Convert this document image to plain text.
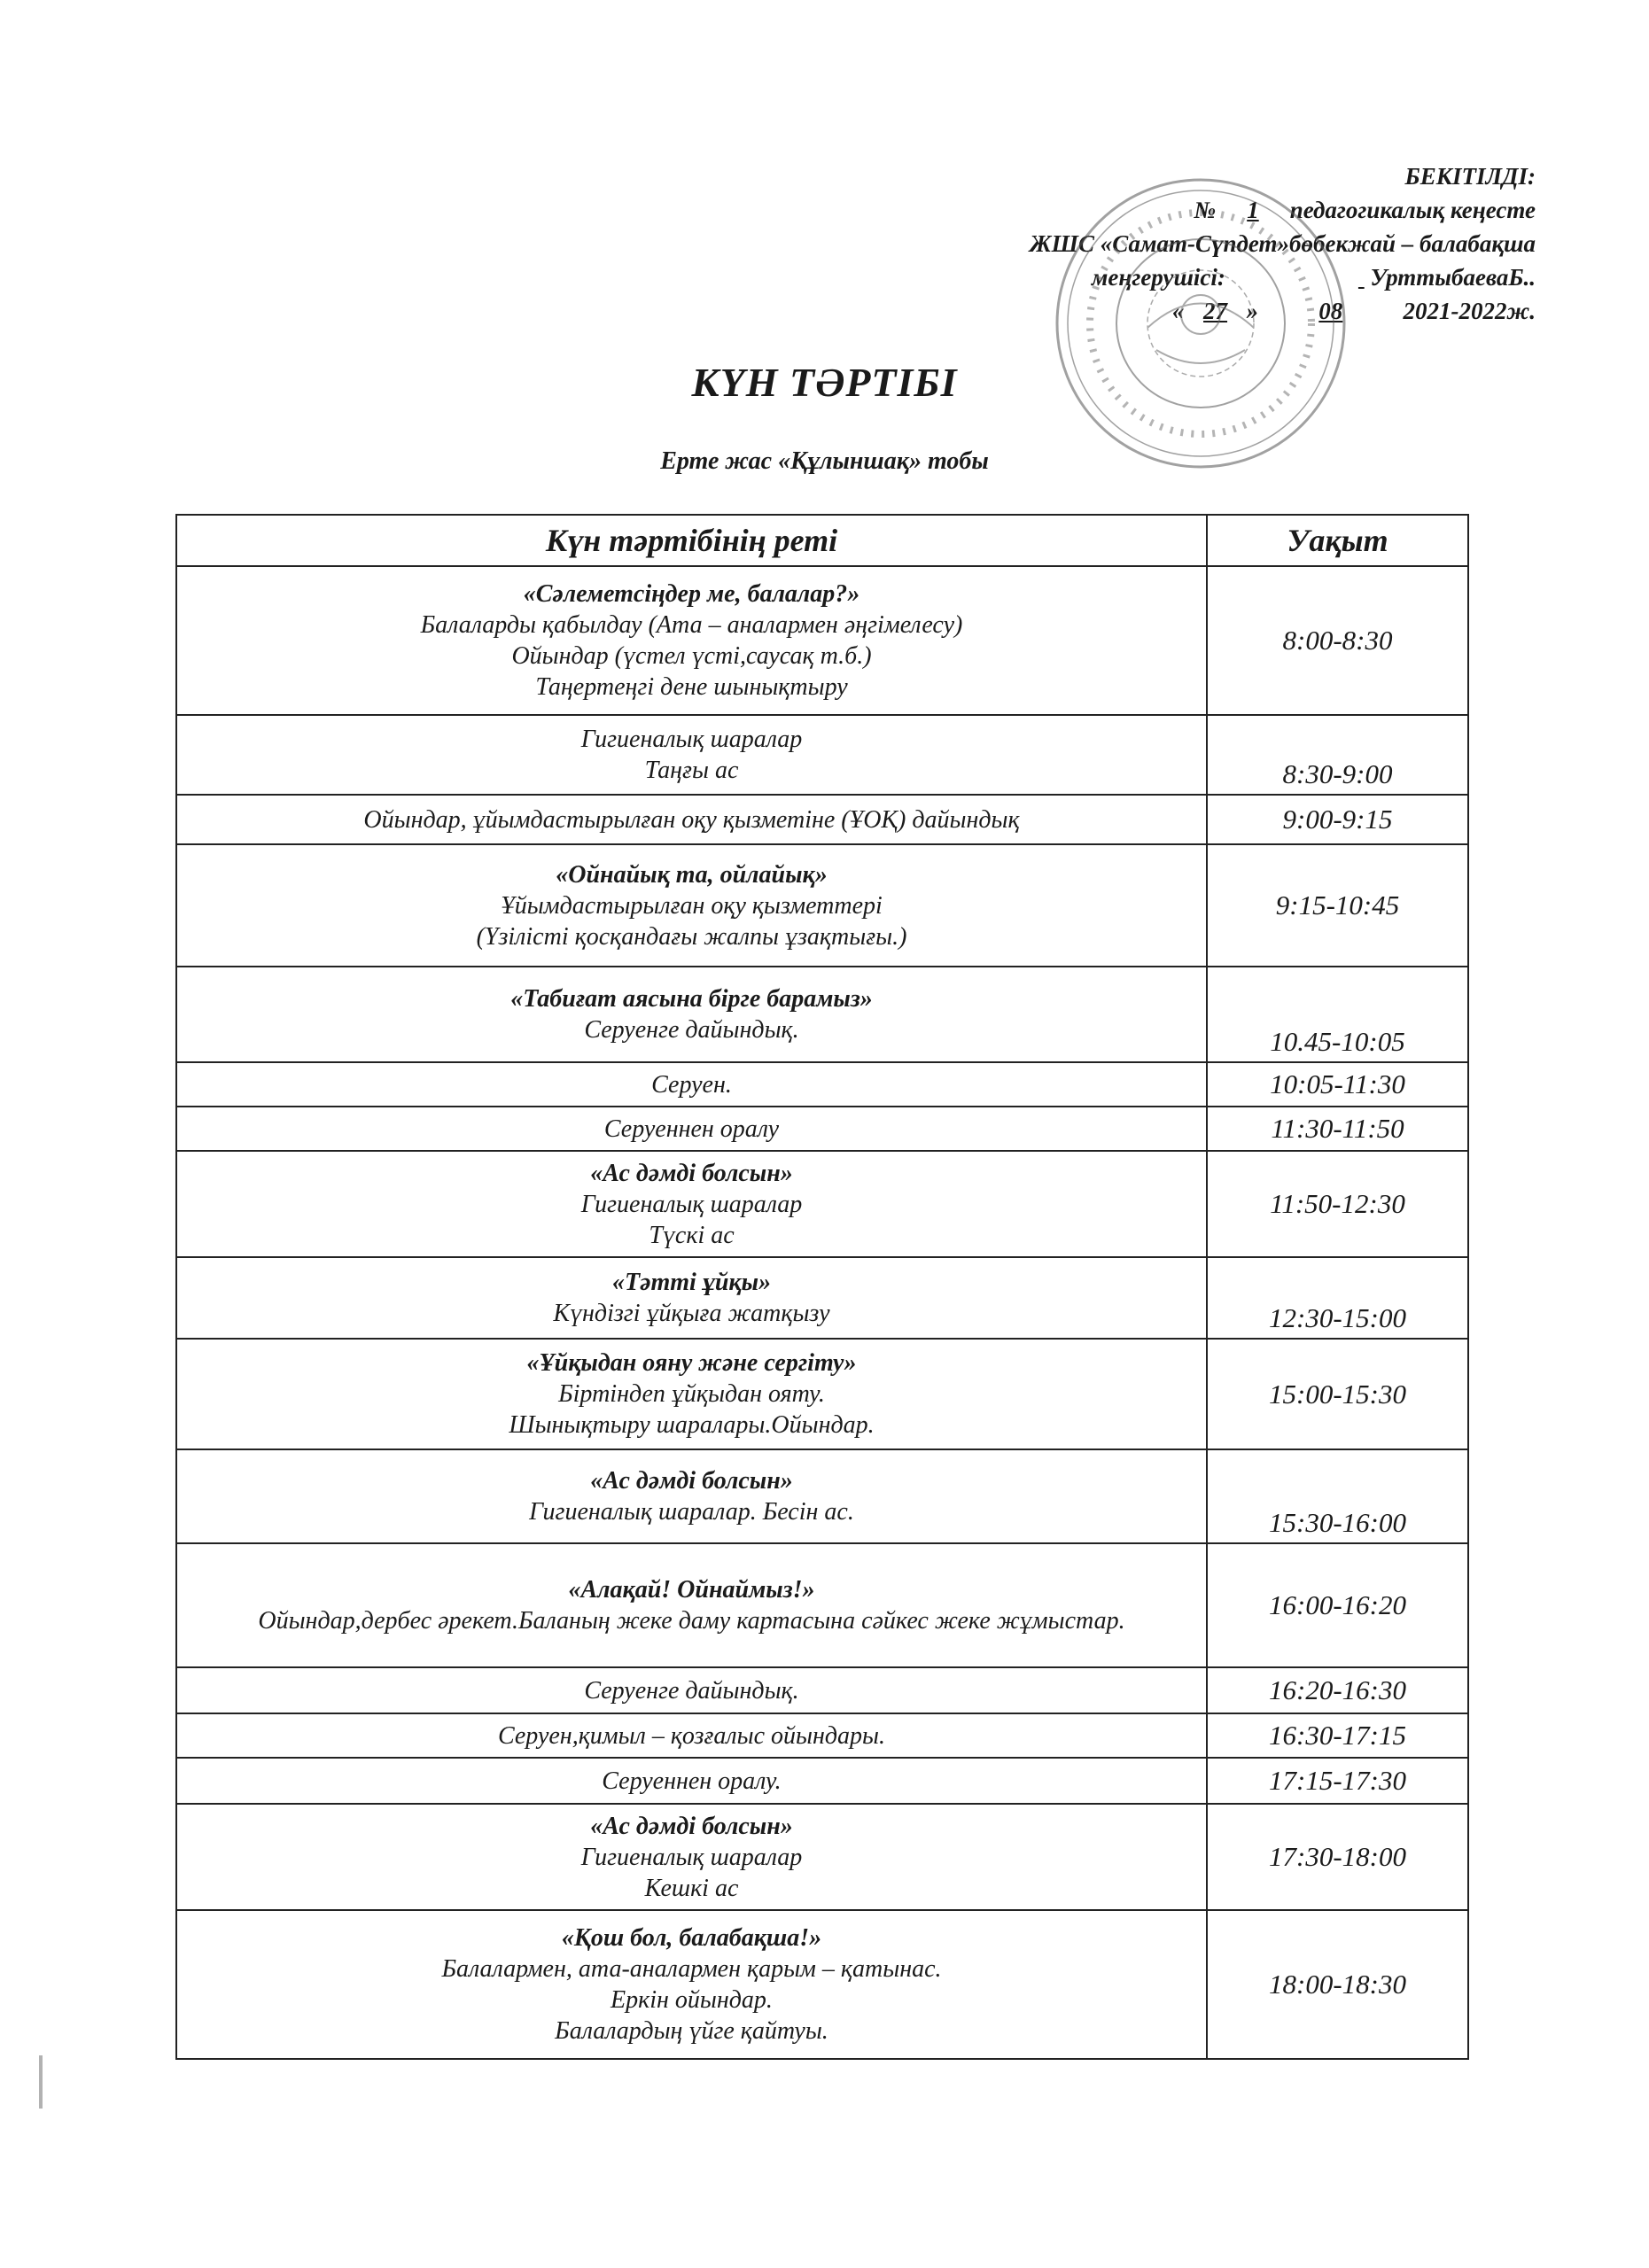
БЕКІТІЛДІ:
№ 1 педагогикалық кеңесте
ЖШС «Самат-Сүпдет»бөбекжай – балабақша
меңгерушісі:	УрттыбаеваБ..
« 27 »	08	2021-2022ж.
КҮН ТӘРТІБІ
Ерте жас «Құлыншақ» тобы
Күн тәртібінің реті	Уақыт

«Сәлеметсіңдер ме, балалар?»
Балаларды қабылдау (Ата – аналармен әңгімелесу)
Ойындар (үстел үсті,саусақ т.б.)
Таңертеңгі дене шынықтыру	8:00-8:30

Гигиеналық шаралар
Таңғы ас	8:30-9:00

Ойындар, ұйымдастырылған оқу қызметіне (ҰОҚ) дайындық	9:00-9:15

«Ойнайық та, ойлайық»
Ұйымдастырылған оқу қызметтері
(Үзілісті қосқандағы жалпы ұзақтығы.)	9:15-10:45

«Табиғат аясына бірге барамыз»
Серуенге дайындық.	10.45-10:05

Серуен.	10:05-11:30

Серуеннен оралу	11:30-11:50

«Ас дәмді болсын»
Гигиеналық шаралар
Түскі ас	11:50-12:30

«Тәтті ұйқы»
Күндізгі ұйқыға жатқызу	12:30-15:00

«Ұйқыдан ояну және сергіту»
Біртіндеп ұйқыдан ояту.
Шынықтыру шаралары.Ойындар.	15:00-15:30

«Ас дәмді болсын»
Гигиеналық шаралар. Бесін ас.	15:30-16:00

«Алақай! Ойнаймыз!»
Ойындар,дербес әрекет.Баланың жеке даму картасына сәйкес жеке жұмыстар.	16:00-16:20

Серуенге дайындық.	16:20-16:30

Серуен,қимыл – қозғалыс ойындары.	16:30-17:15

Серуеннен оралу.	17:15-17:30

«Ас дәмді болсын»
Гигиеналық шаралар
Кешкі ас	17:30-18:00

«Қош бол, балабақша!»
Балалармен, ата-аналармен қарым – қатынас.
Еркін ойындар.
Балалардың үйге қайтуы.	18:00-18:30
